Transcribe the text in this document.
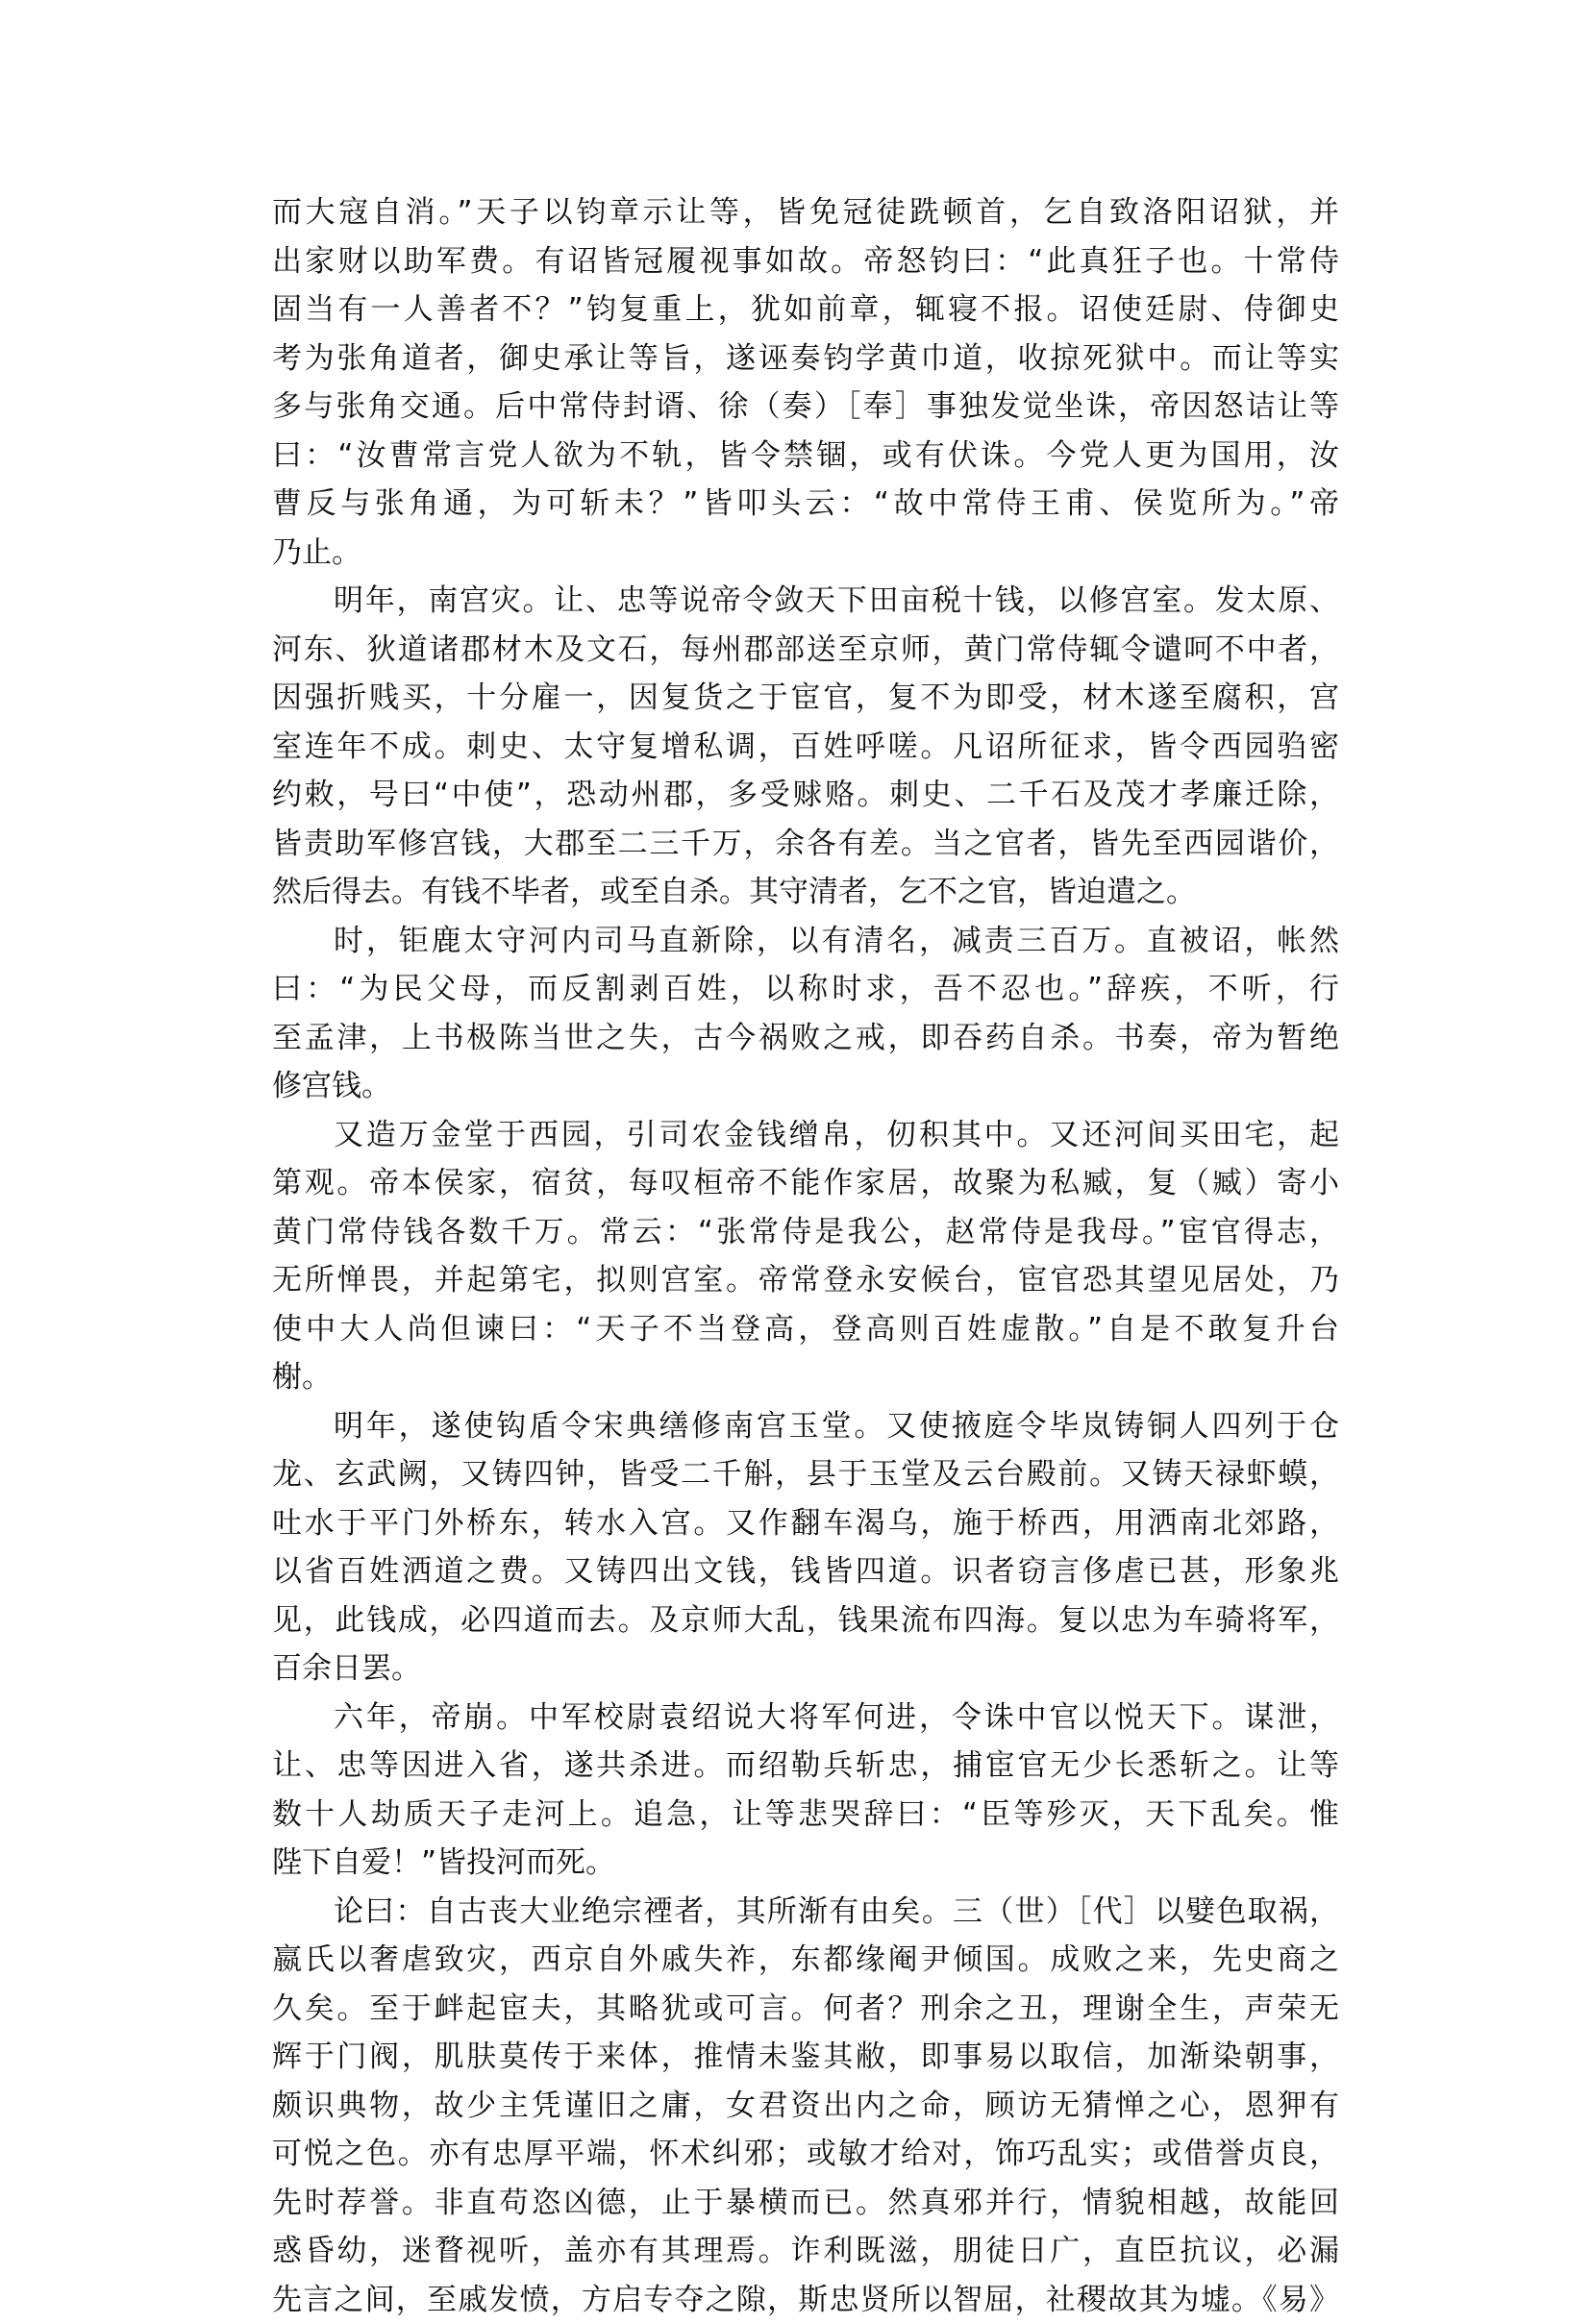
而大寇自消。”天子以钧章示让等，皆免冠徒跣顿首，乞自致洛阳诏狱，并
出家财以助军费。有诏皆冠履视事如故。帝怒钧曰：“此真狂子也。十常侍
固当有一人善者不？”钧复重上，犹如前章，辄寝不报。诏使廷尉、侍御史
考为张角道者，御史承让等旨，遂诬奏钧学黄巾道，收掠死狱中。而让等实
多与张角交通。后中常侍封谞、徐（奏）［奉］事独发觉坐诛，帝因怒诘让等
曰：“汝曹常言党人欲为不轨，皆令禁锢，或有伏诛。今党人更为国用，汝
曹反与张角通，为可斩未？”皆叩头云：“故中常侍王甫、侯览所为。”帝
乃止。
明年，南宫灾。让、忠等说帝令敛天下田亩税十钱，以修宫室。发太原、
河东、狄道诸郡材木及文石，每州郡部送至京师，黄门常侍辄令谴呵不中者，
因强折贱买，十分雇一，因复货之于宦官，复不为即受，材木遂至腐积，宫
室连年不成。刺史、太守复增私调，百姓呼嗟。凡诏所征求，皆令西园驺密
约敕，号曰“中使”，恐动州郡，多受赇赂。刺史、二千石及茂才孝廉迁除，
皆责助军修宫钱，大郡至二三千万，余各有差。当之官者，皆先至西园谐价，
然后得去。有钱不毕者，或至自杀。其守清者，乞不之官，皆迫遣之。
时，钜鹿太守河内司马直新除，以有清名，减责三百万。直被诏，帐然
曰：“为民父母，而反割剥百姓，以称时求，吾不忍也。”辞疾，不听，行
至孟津，上书极陈当世之失，古今祸败之戒，即吞药自杀。书奏，帝为暂绝
修宫钱。
又造万金堂于西园，引司农金钱缯帛，仞积其中。又还河间买田宅，起
第观。帝本侯家，宿贫，每叹桓帝不能作家居，故聚为私臧，复（臧）寄小
黄门常侍钱各数千万。常云：“张常侍是我公，赵常侍是我母。”宦官得志，
无所惮畏，并起第宅，拟则宫室。帝常登永安候台，宦官恐其望见居处，乃
使中大人尚但谏曰：“天子不当登高，登高则百姓虚散。”自是不敢复升台
榭。
明年，遂使钩盾令宋典缮修南宫玉堂。又使掖庭令毕岚铸铜人四列于仓
龙、玄武阙，又铸四钟，皆受二千斛，县于玉堂及云台殿前。又铸天禄虾蟆，
吐水于平门外桥东，转水入宫。又作翻车渴乌，施于桥西，用洒南北郊路，
以省百姓洒道之费。又铸四出文钱，钱皆四道。识者窃言侈虐已甚，形象兆
见，此钱成，必四道而去。及京师大乱，钱果流布四海。复以忠为车骑将军，
百余日罢。
六年，帝崩。中军校尉袁绍说大将军何进，令诛中官以悦天下。谋泄，
让、忠等因进入省，遂共杀进。而绍勒兵斩忠，捕宦官无少长悉斩之。让等
数十人劫质天子走河上。追急，让等悲哭辞曰：“臣等殄灭，天下乱矣。惟
陛下自爱！”皆投河而死。
论曰：自古丧大业绝宗禋者，其所渐有由矣。三（世）［代］以嬖色取祸，
嬴氏以奢虐致灾，西京自外戚失祚，东都缘阉尹倾国。成败之来，先史商之
久矣。至于衅起宦夫，其略犹或可言。何者？刑余之丑，理谢全生，声荣无
辉于门阀，肌肤莫传于来体，推情未鉴其敝，即事易以取信，加渐染朝事，
颇识典物，故少主凭谨旧之庸，女君资出内之命，顾访无猜惮之心，恩狎有
可悦之色。亦有忠厚平端，怀术纠邪；或敏才给对，饰巧乱实；或借誉贞良，
先时荐誉。非直苟恣凶德，止于暴横而已。然真邪并行，情貌相越，故能回
惑昏幼，迷瞀视听，盖亦有其理焉。诈利既滋，朋徒日广，直臣抗议，必漏
先言之间，至戚发愤，方启专夺之隙，斯忠贤所以智屈，社稷故其为墟。《易》
